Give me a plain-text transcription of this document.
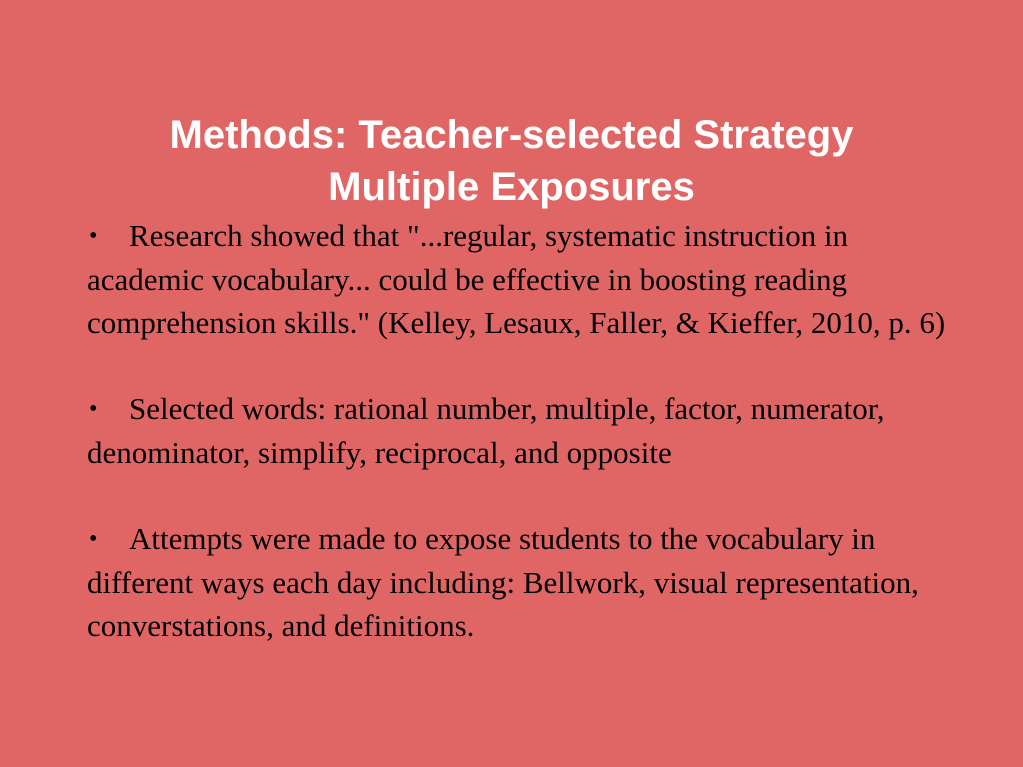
Methods: Teacher-selected Strategy
Multiple Exposures
• Research showed that "...regular, systematic instruction in academic vocabulary... could be effective in boosting reading comprehension skills." (Kelley, Lesaux, Faller, & Kieffer, 2010, p. 6)
• Selected words: rational number, multiple, factor, numerator, denominator, simplify, reciprocal, and opposite
• Attempts were made to expose students to the vocabulary in different ways each day including: Bellwork, visual representation, converstations, and definitions.
